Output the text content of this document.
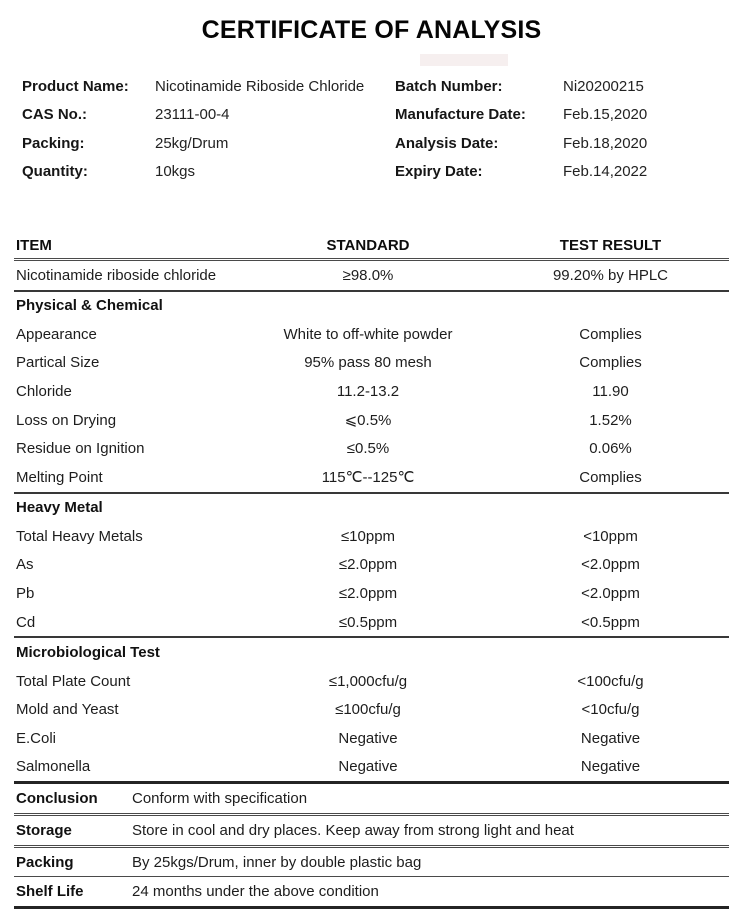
CERTIFICATE OF ANALYSIS
Product Name:	Nicotinamide Riboside Chloride	Batch Number:	Ni20200215
CAS No.:	23111-00-4	Manufacture Date:	Feb.15,2020
Packing:	25kg/Drum	Analysis Date:	Feb.18,2020
Quantity:	10kgs	Expiry Date:	Feb.14,2022
ITEM	STANDARD	TEST RESULT
Nicotinamide riboside chloride	≥98.0%	99.20% by HPLC
Physical & Chemical
Appearance	White to off-white powder	Complies
Partical Size	95% pass 80 mesh	Complies
Chloride	11.2-13.2	11.90
Loss on Drying	⩽0.5%	1.52%
Residue on Ignition	≤0.5%	0.06%
Melting Point	115℃--125℃	Complies
Heavy Metal
Total Heavy Metals	≤10ppm	<10ppm
As	≤2.0ppm	<2.0ppm
Pb	≤2.0ppm	<2.0ppm
Cd	≤0.5ppm	<0.5ppm
Microbiological Test
Total Plate Count	≤1,000cfu/g	<100cfu/g
Mold and Yeast	≤100cfu/g	<10cfu/g
E.Coli	Negative	Negative
Salmonella	Negative	Negative
Conclusion	Conform with specification
Storage	Store in cool and dry places. Keep away from strong light and heat
Packing	By 25kgs/Drum, inner by double plastic bag
Shelf Life	24 months under the above condition
